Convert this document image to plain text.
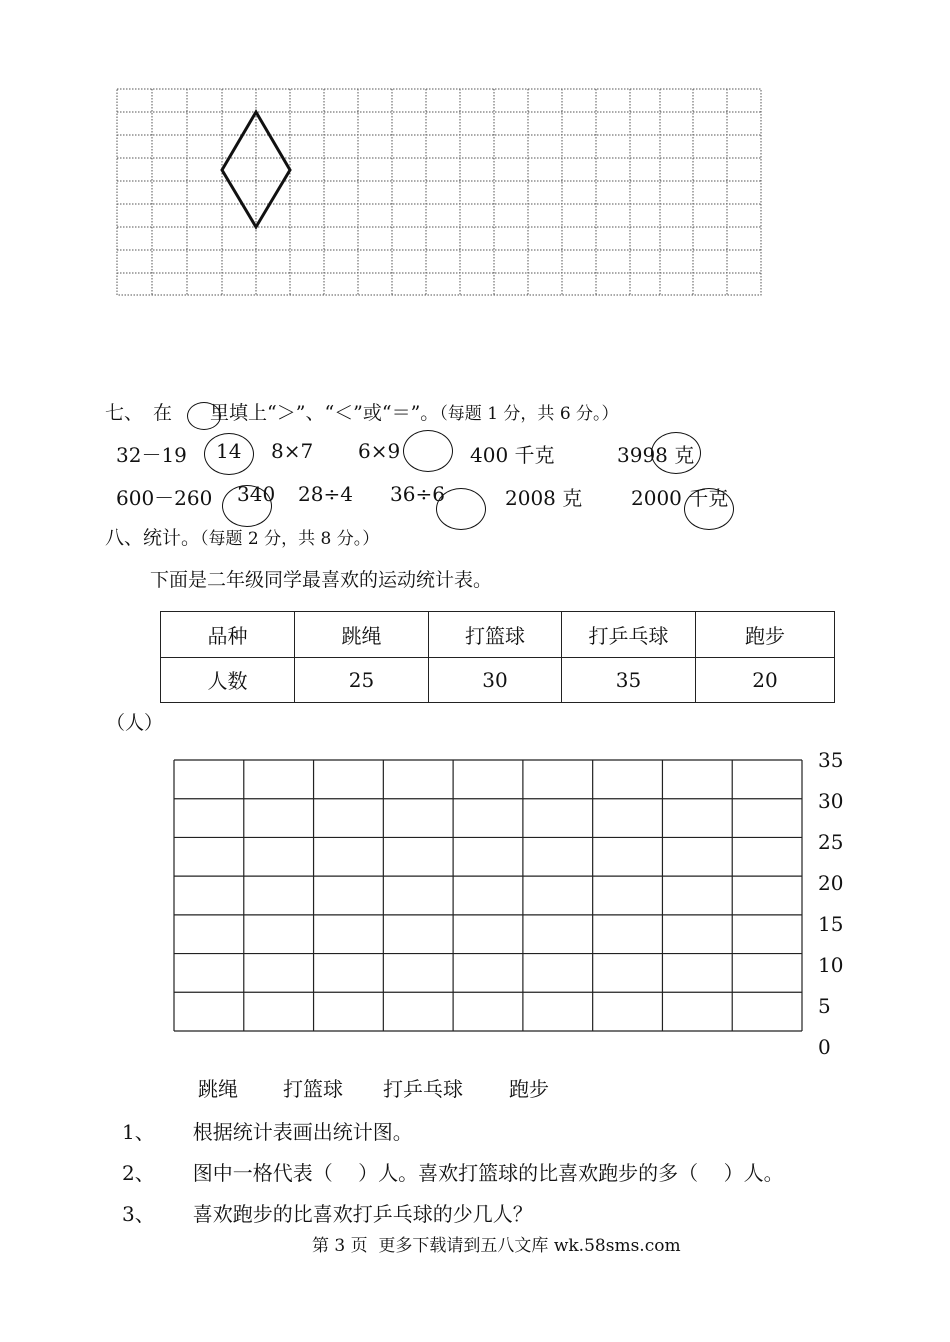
七、 在 里填上“＞”、“＜”或“＝”。（每题 1 分，共 6 分。）
32－19 14 8×7 6×9	400 千克	3998 克
600－260 340 28÷4 36÷6	2008 克 2000 千克
八、统计。（每题 2 分，共 8 分。）
下面是二年级同学最喜欢的运动统计表。
品种	跳绳	打篮球	打乒乓球	跑步
人数	25	30	35	20
（人）
35
30
25
20
15
10
5
0
跳绳 打篮球 打乒乓球 跑步
1、 根据统计表画出统计图。
2、 图中一格代表（    ）人。喜欢打篮球的比喜欢跑步的多（    ）人。
3、 喜欢跑步的比喜欢打乒乓球的少几人？
第 3 页  更多下载请到五八文库 wk.58sms.com
